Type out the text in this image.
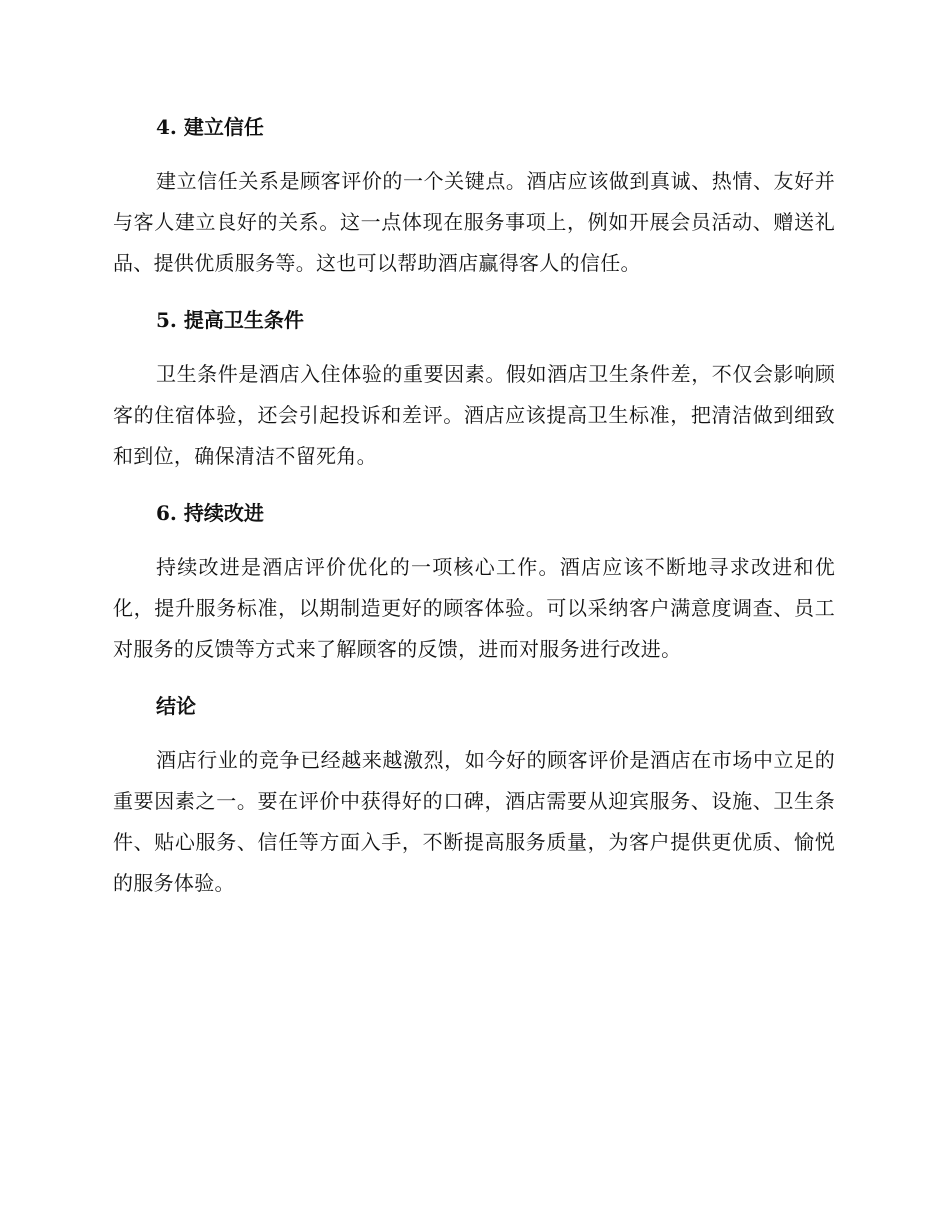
4. 建立信任

建立信任关系是顾客评价的一个关键点。酒店应该做到真诚、热情、友好并与客人建立良好的关系。这一点体现在服务事项上，例如开展会员活动、赠送礼品、提供优质服务等。这也可以帮助酒店赢得客人的信任。

5. 提高卫生条件

卫生条件是酒店入住体验的重要因素。假如酒店卫生条件差，不仅会影响顾客的住宿体验，还会引起投诉和差评。酒店应该提高卫生标准，把清洁做到细致和到位，确保清洁不留死角。

6. 持续改进

持续改进是酒店评价优化的一项核心工作。酒店应该不断地寻求改进和优化，提升服务标准，以期制造更好的顾客体验。可以采纳客户满意度调查、员工对服务的反馈等方式来了解顾客的反馈，进而对服务进行改进。

结论

酒店行业的竞争已经越来越激烈，如今好的顾客评价是酒店在市场中立足的重要因素之一。要在评价中获得好的口碑，酒店需要从迎宾服务、设施、卫生条件、贴心服务、信任等方面入手，不断提高服务质量，为客户提供更优质、愉悦的服务体验。
